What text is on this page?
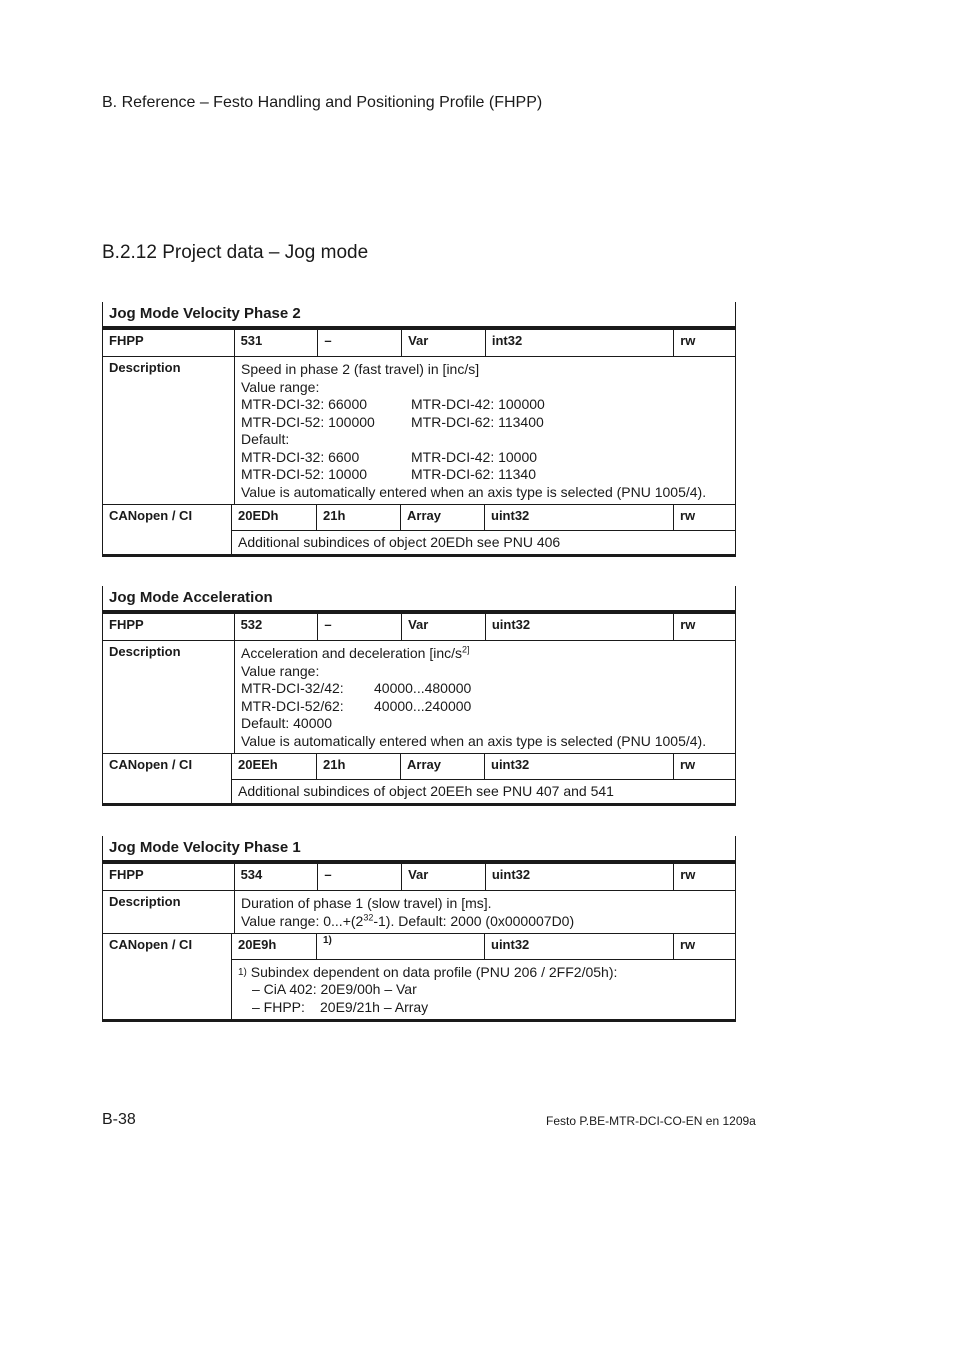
B. Reference – Festo Handling and Positioning Profile (FHPP)
B.2.12 Project data – Jog mode
Jog Mode Velocity Phase 2
FHPP	531	–	Var	int32	rw
Description	Speed in phase 2 (fast travel) in [inc/s]
Value range:
MTR-DCI-32: 66000	MTR-DCI-42: 100000
MTR-DCI-52: 100000	MTR-DCI-62: 113400
Default:
MTR-DCI-32: 6600	MTR-DCI-42: 10000
MTR-DCI-52: 10000	MTR-DCI-62: 11340
Value is automatically entered when an axis type is selected (PNU 1005/4).
CANopen / CI	20EDh	21h	Array	uint32	rw
Additional subindices of object 20EDh see PNU 406
Jog Mode Acceleration
FHPP	532	–	Var	uint32	rw
Description	Acceleration and deceleration [$inc/s^{2]}$
Value range:
MTR-DCI-32/42: 40000...480000
MTR-DCI-52/62: 40000...240000
Default: 40000
Value is automatically entered when an axis type is selected (PNU 1005/4).
CANopen / CI	20EEh	21h	Array	uint32	rw
Additional subindices of object 20EEh see PNU 407 and 541
Jog Mode Velocity Phase 1
FHPP	534	–	Var	uint32	rw
Description	Duration of phase 1 (slow travel) in [ms].
Value range: $0...+(2^{32}-1)$. Default: 2000 (0x000007D0)
CANopen / CI	20E9h	1)	uint32	rw
$^{1)}$ Subindex dependent on data profile (PNU 206 / 2FF2/05h):
– CiA 402: 20E9/00h – Var
– FHPP: 20E9/21h – Array
B-38	Festo P.BE-MTR-DCI-CO-EN en 1209a
